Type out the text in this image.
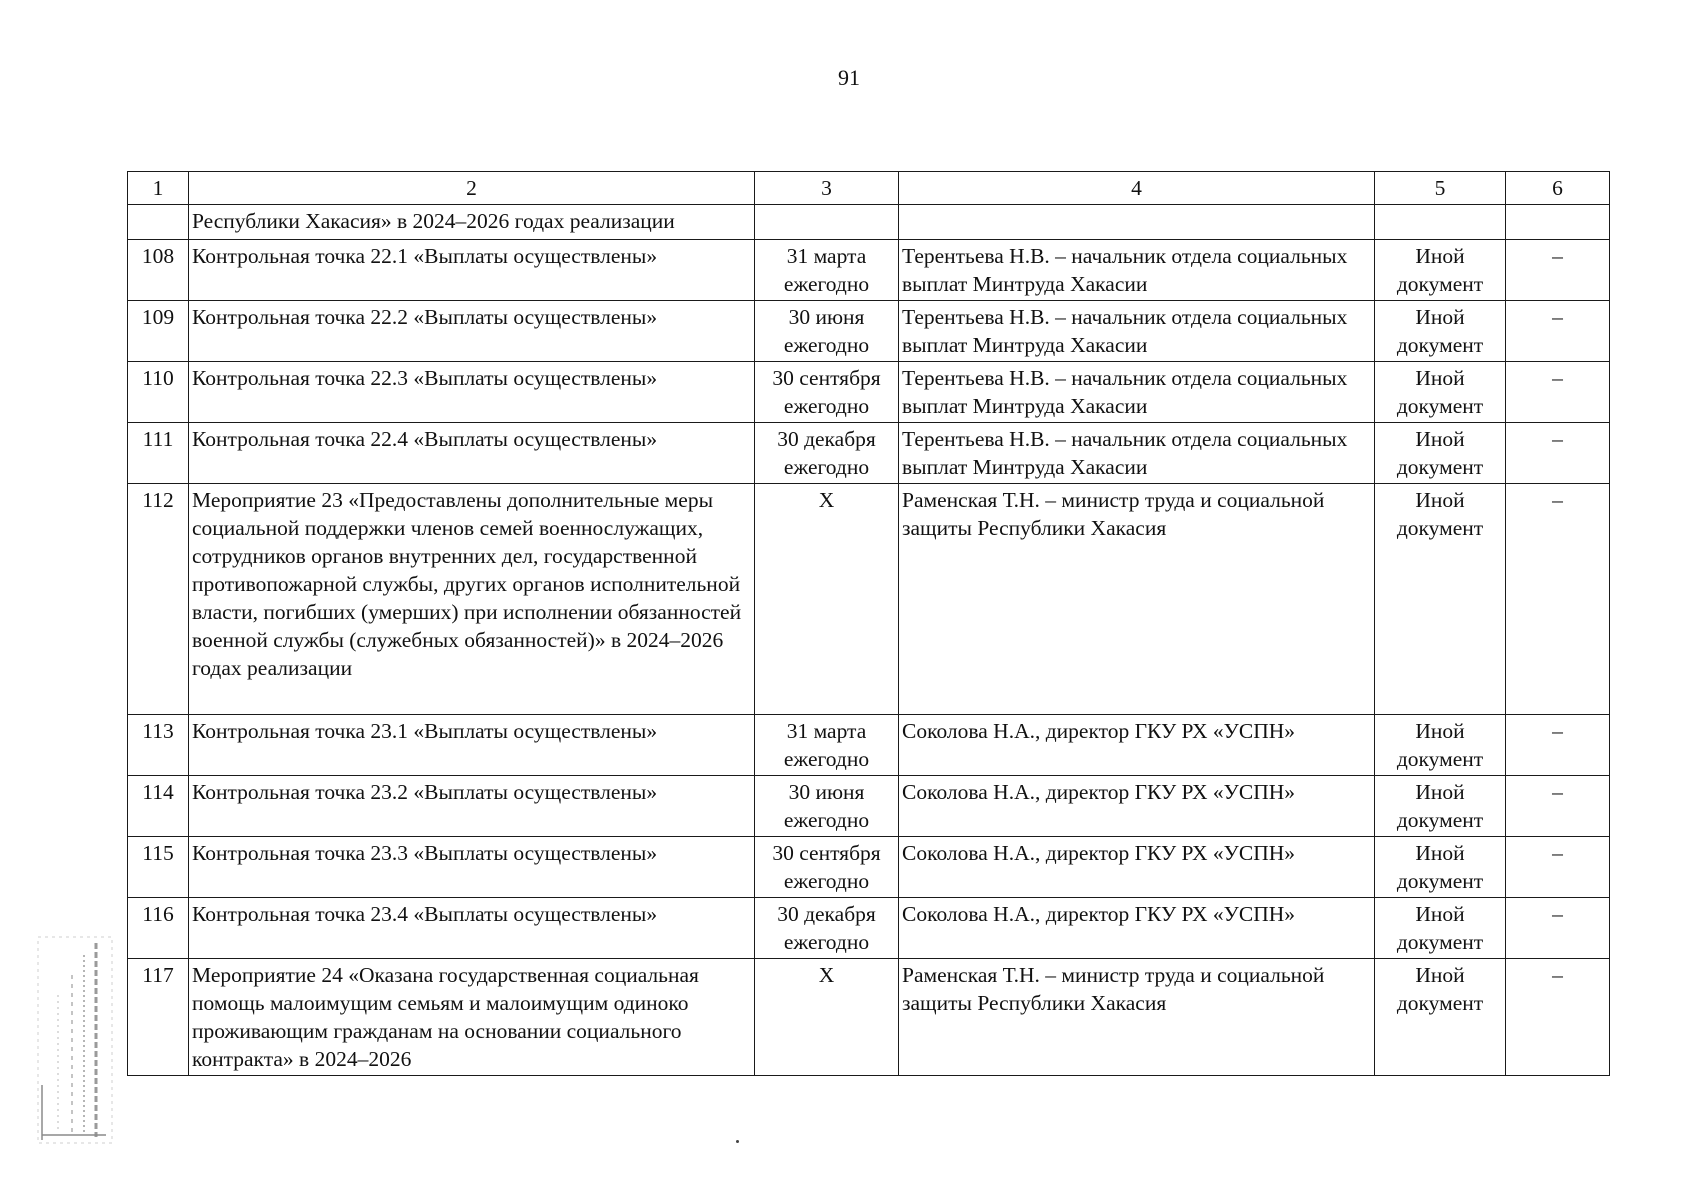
91
1	2	3	4	5	6
	Республики Хакасия» в 2024–2026 годах реализации				
108	Контрольная точка 22.1 «Выплаты осуществлены»	31 марта ежегодно	Терентьева Н.В. – начальник отдела социальных выплат Минтруда Хакасии	Иной документ	–
109	Контрольная точка 22.2 «Выплаты осуществлены»	30 июня ежегодно	Терентьева Н.В. – начальник отдела социальных выплат Минтруда Хакасии	Иной документ	–
110	Контрольная точка 22.3 «Выплаты осуществлены»	30 сентября ежегодно	Терентьева Н.В. – начальник отдела социальных выплат Минтруда Хакасии	Иной документ	–
111	Контрольная точка 22.4 «Выплаты осуществлены»	30 декабря ежегодно	Терентьева Н.В. – начальник отдела социальных выплат Минтруда Хакасии	Иной документ	–
112	Мероприятие 23 «Предоставлены дополнительные меры социальной поддержки членов семей военнослужащих, сотрудников органов внутренних дел, государственной противопожарной службы, других органов исполнительной власти, погибших (умерших) при исполнении обязанностей военной службы (служебных обязанностей)» в 2024–2026 годах реализации	Х	Раменская Т.Н. – министр труда и социальной защиты Республики Хакасия	Иной документ	–
113	Контрольная точка 23.1 «Выплаты осуществлены»	31 марта ежегодно	Соколова Н.А., директор ГКУ РХ «УСПН»	Иной документ	–
114	Контрольная точка 23.2 «Выплаты осуществлены»	30 июня ежегодно	Соколова Н.А., директор ГКУ РХ «УСПН»	Иной документ	–
115	Контрольная точка 23.3 «Выплаты осуществлены»	30 сентября ежегодно	Соколова Н.А., директор ГКУ РХ «УСПН»	Иной документ	–
116	Контрольная точка 23.4 «Выплаты осуществлены»	30 декабря ежегодно	Соколова Н.А., директор ГКУ РХ «УСПН»	Иной документ	–
117	Мероприятие 24 «Оказана государственная социальная помощь малоимущим семьям и малоимущим одиноко проживающим гражданам на основании социального контракта» в 2024–2026	Х	Раменская Т.Н. – министр труда и социальной защиты Республики Хакасия	Иной документ	–
